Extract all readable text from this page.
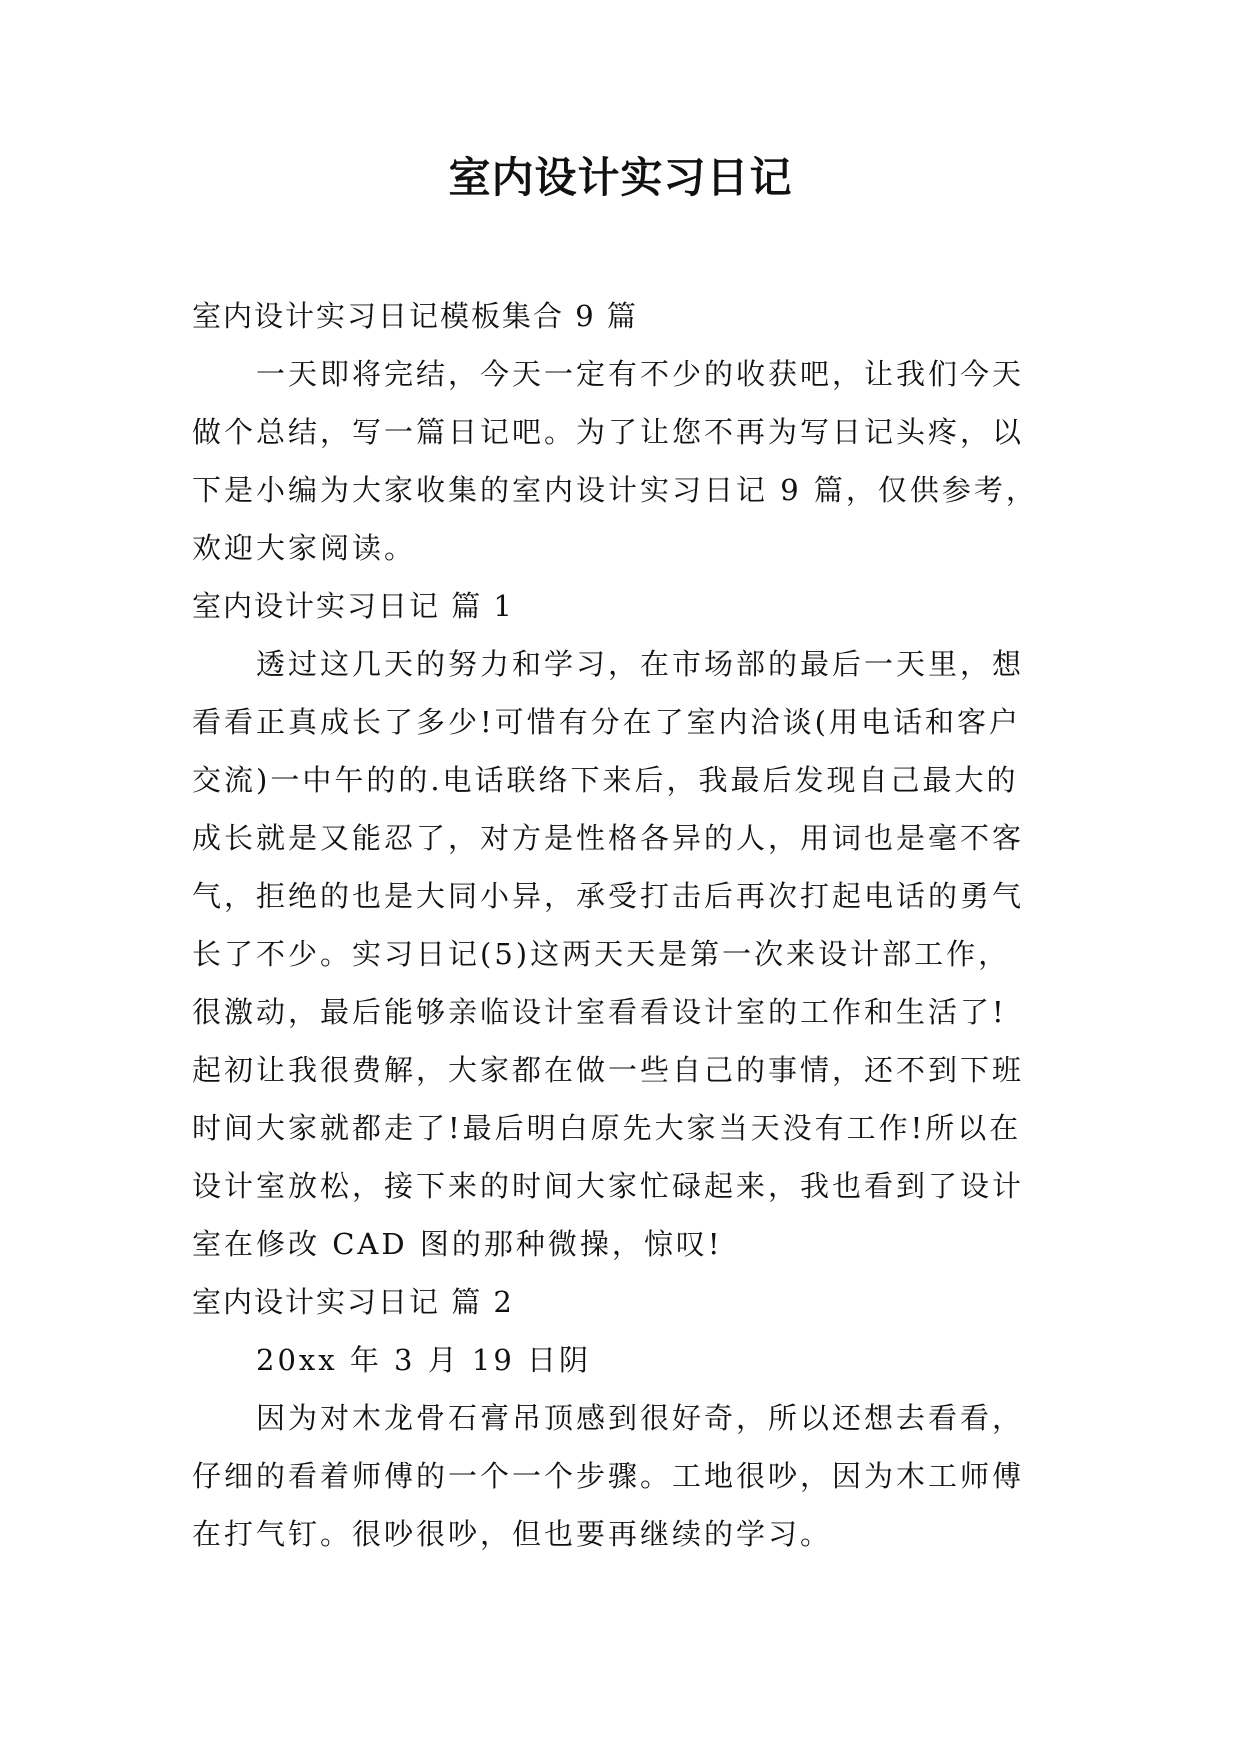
室内设计实习日记
室内设计实习日记模板集合 9 篇
一天即将完结，今天一定有不少的收获吧，让我们今天
做个总结，写一篇日记吧。为了让您不再为写日记头疼，以
下是小编为大家收集的室内设计实习日记 9 篇，仅供参考，
欢迎大家阅读。
室内设计实习日记 篇 1
透过这几天的努力和学习，在市场部的最后一天里，想
看看正真成长了多少!可惜有分在了室内洽谈(用电话和客户
交流)一中午的的.电话联络下来后，我最后发现自己最大的
成长就是又能忍了，对方是性格各异的人，用词也是毫不客
气，拒绝的也是大同小异，承受打击后再次打起电话的勇气
长了不少。实习日记(5)这两天天是第一次来设计部工作，
很激动，最后能够亲临设计室看看设计室的工作和生活了!
起初让我很费解，大家都在做一些自己的事情，还不到下班
时间大家就都走了!最后明白原先大家当天没有工作!所以在
设计室放松，接下来的时间大家忙碌起来，我也看到了设计
室在修改 CAD 图的那种微操，惊叹!
室内设计实习日记 篇 2
20xx 年 3 月 19 日阴
因为对木龙骨石膏吊顶感到很好奇，所以还想去看看，
仔细的看着师傅的一个一个步骤。工地很吵，因为木工师傅
在打气钉。很吵很吵，但也要再继续的学习。
